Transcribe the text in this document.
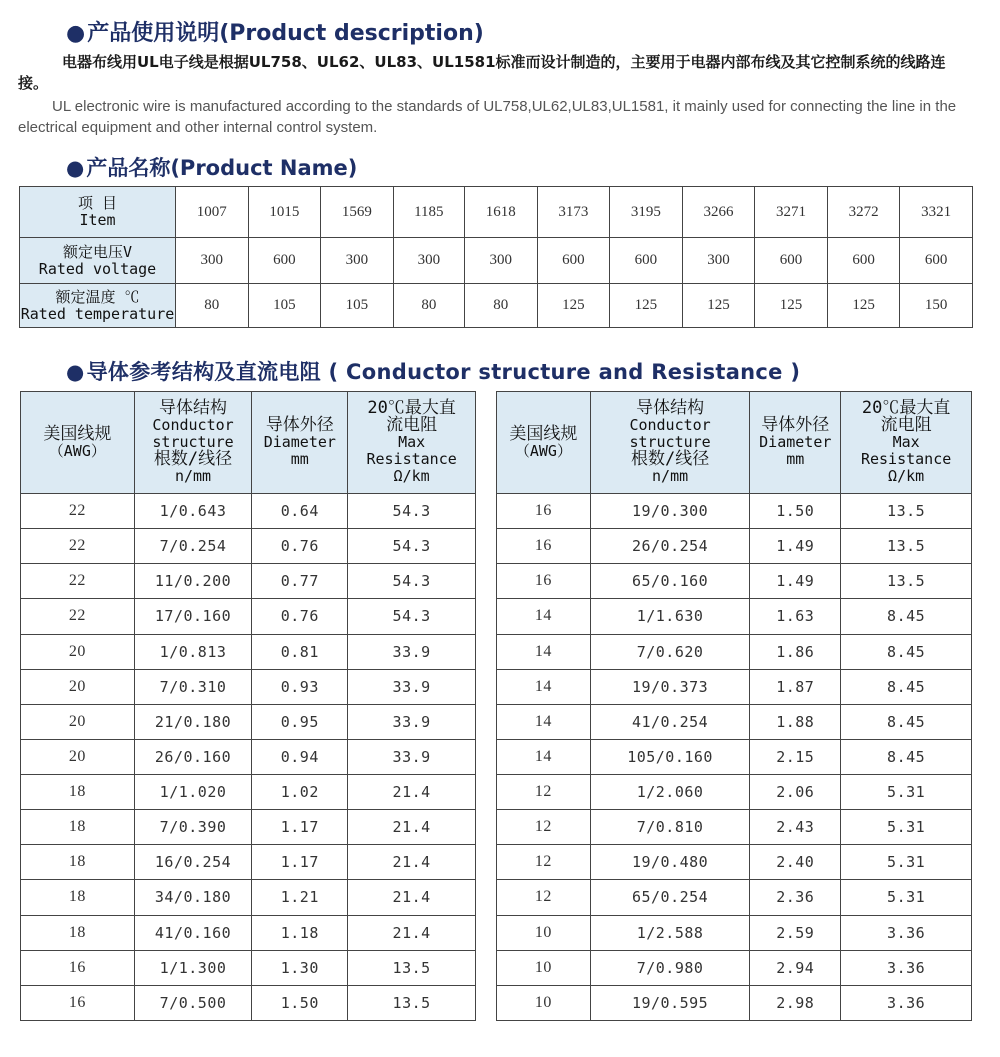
●产品使用说明(Product description)

电器布线用UL电子线是根据UL758、UL62、UL83、UL1581标准而设计制造的，主要用于电器内部布线及其它控制系统的线路连接。

UL electronic wire is manufactured according to the standards of UL758,UL62,UL83,UL1581, it mainly used for connecting the line in the electrical equipment and other internal control system.

●产品名称(Product Name)
项 目
Item	1007	1015	1569	1185	1618	3173	3195	3266	3271	3272	3321

额定电压V
Rated voltage	300	600	300	300	300	600	600	300	600	600	600

额定温度 ℃
Rated temperature	80	105	105	80	80	125	125	125	125	125	150
●导体参考结构及直流电阻 ( Conductor structure and Resistance )
美国线规
（AWG）	导体结构
Conductor
structure
根数/线径
n/mm	导体外径
Diameter
mm	20℃最大直
流电阻
Max
Resistance
Ω/km

22	1/0.643	0.64	54.3
22	7/0.254	0.76	54.3
22	11/0.200	0.77	54.3
22	17/0.160	0.76	54.3
20	1/0.813	0.81	33.9
20	7/0.310	0.93	33.9
20	21/0.180	0.95	33.9
20	26/0.160	0.94	33.9
18	1/1.020	1.02	21.4
18	7/0.390	1.17	21.4
18	16/0.254	1.17	21.4
18	34/0.180	1.21	21.4
18	41/0.160	1.18	21.4
16	1/1.300	1.30	13.5
16	7/0.500	1.50	13.5
美国线规
（AWG）	导体结构
Conductor
structure
根数/线径
n/mm	导体外径
Diameter
mm	20℃最大直
流电阻
Max
Resistance
Ω/km

16	19/0.300	1.50	13.5
16	26/0.254	1.49	13.5
16	65/0.160	1.49	13.5
14	1/1.630	1.63	8.45
14	7/0.620	1.86	8.45
14	19/0.373	1.87	8.45
14	41/0.254	1.88	8.45
14	105/0.160	2.15	8.45
12	1/2.060	2.06	5.31
12	7/0.810	2.43	5.31
12	19/0.480	2.40	5.31
12	65/0.254	2.36	5.31
10	1/2.588	2.59	3.36
10	7/0.980	2.94	3.36
10	19/0.595	2.98	3.36
